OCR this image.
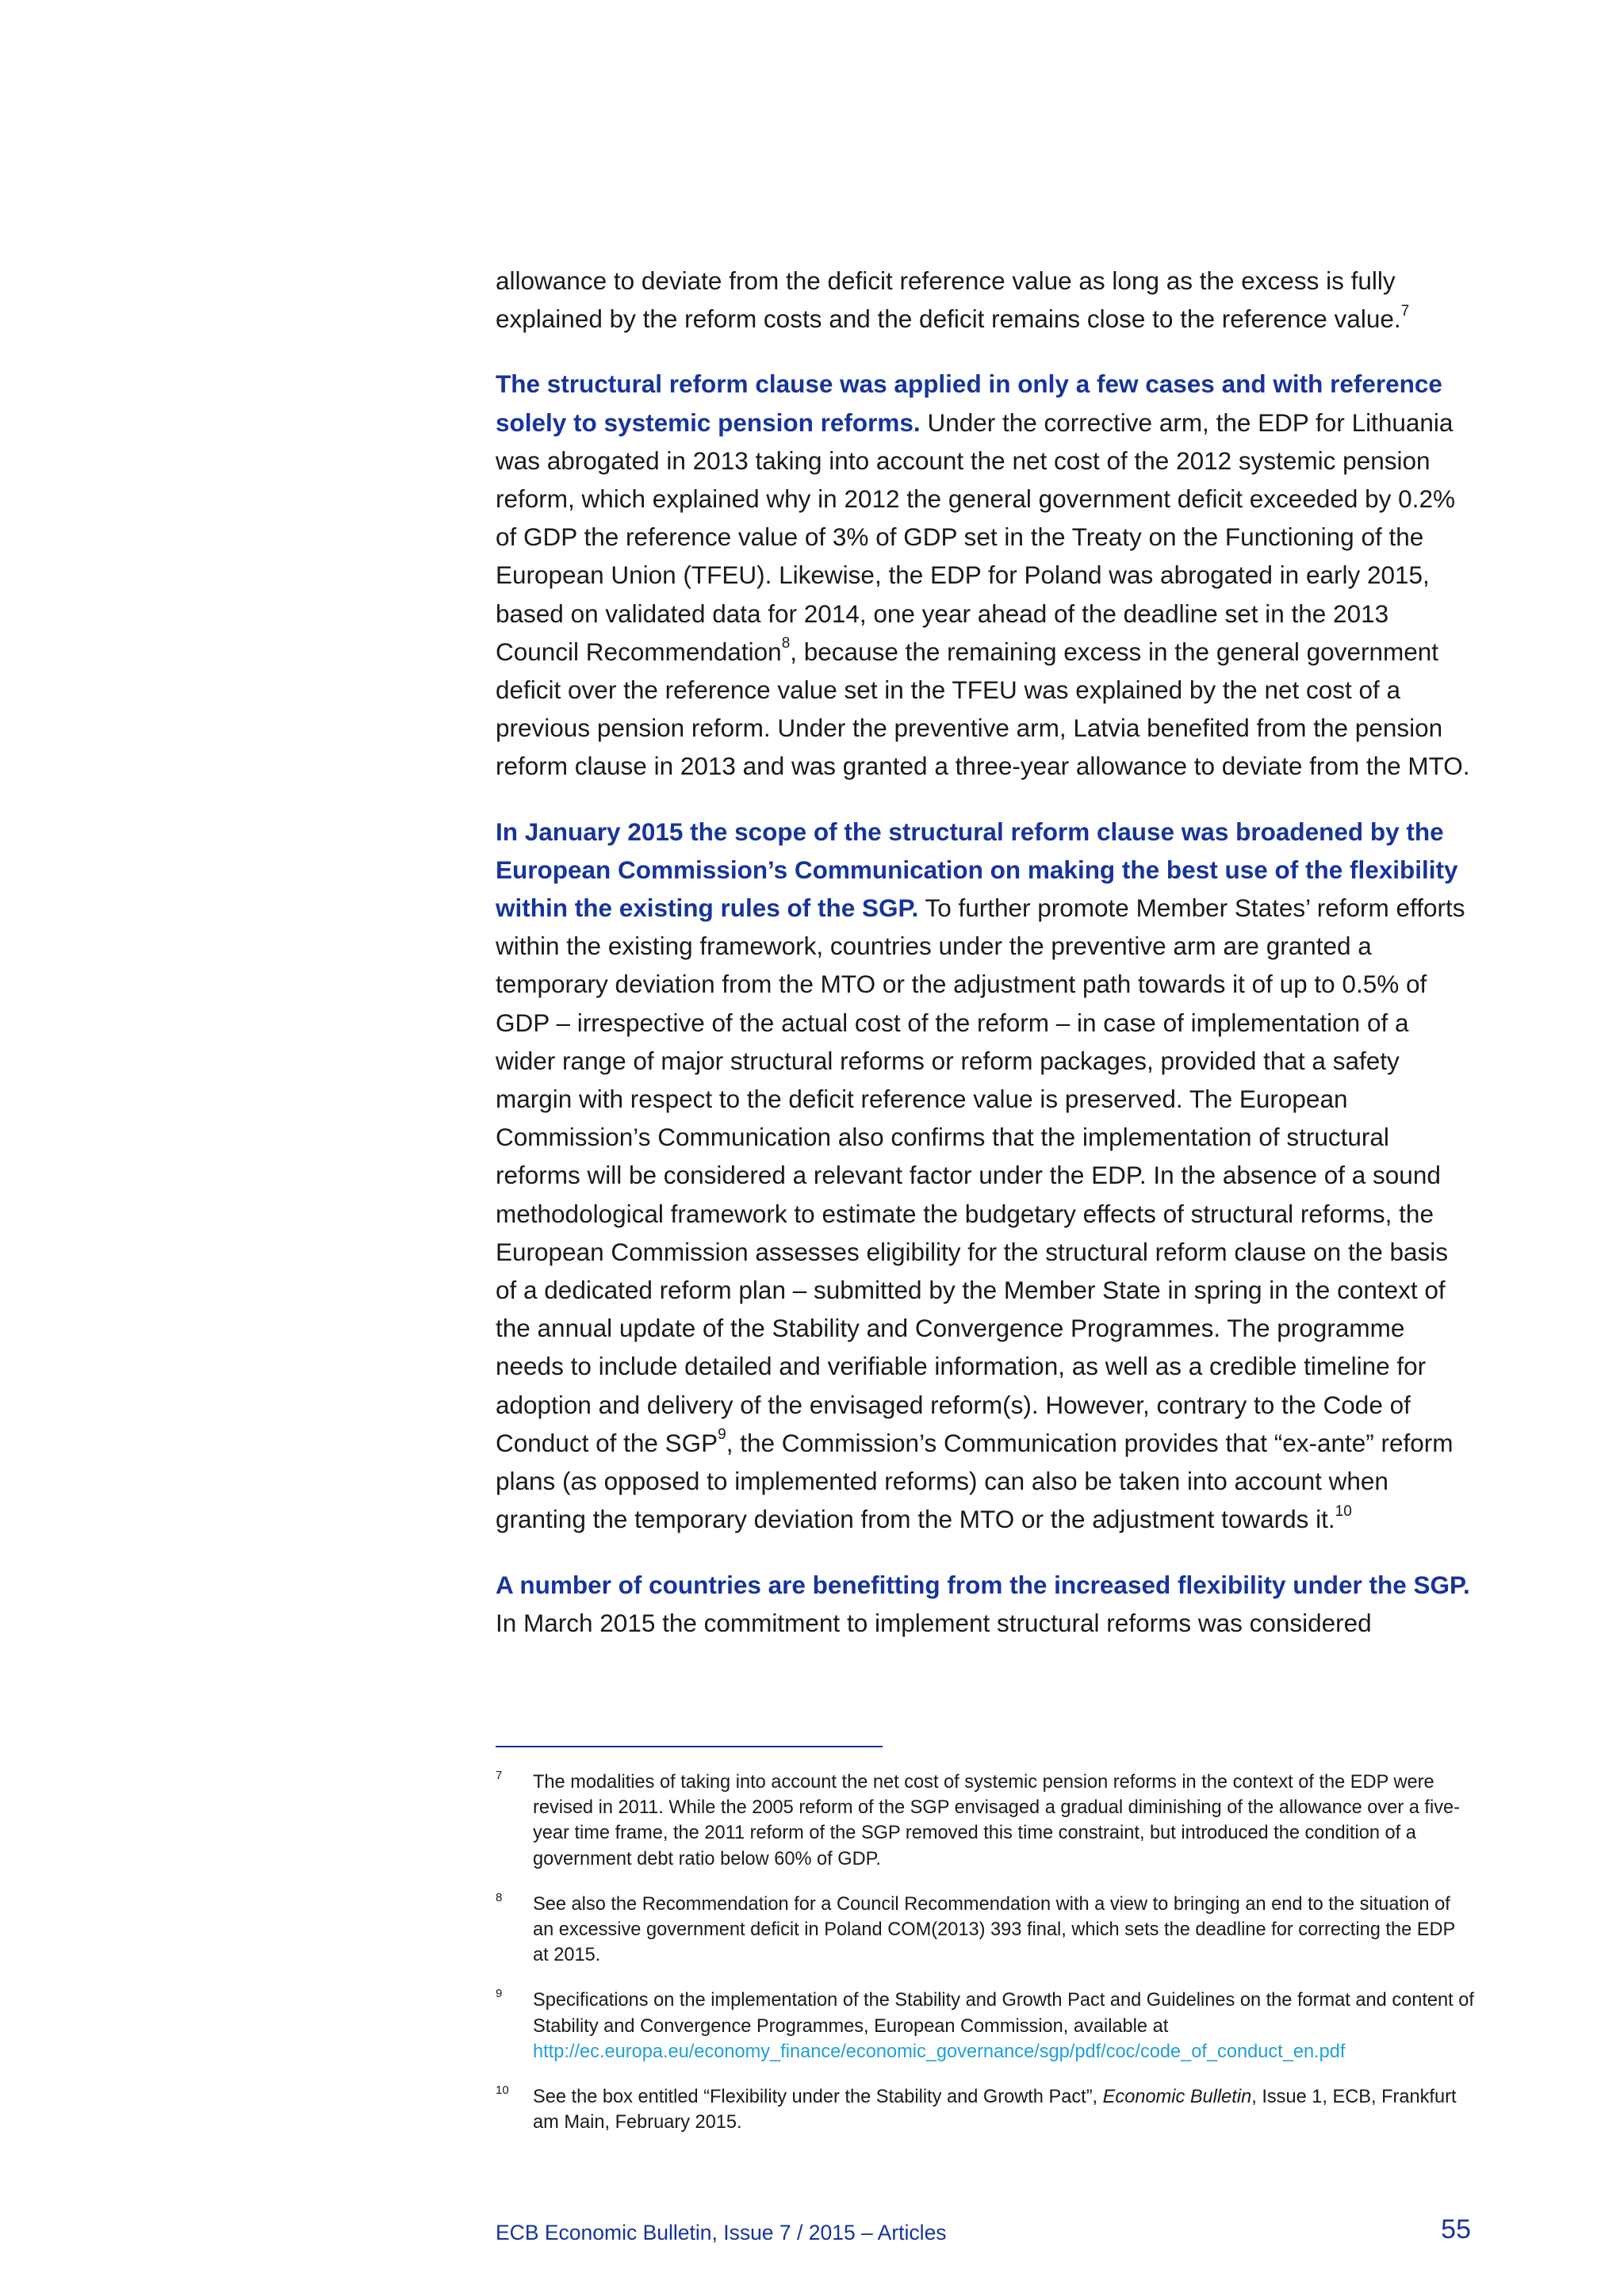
allowance to deviate from the deficit reference value as long as the excess is fully explained by the reform costs and the deficit remains close to the reference value.$^7$

The structural reform clause was applied in only a few cases and with reference solely to systemic pension reforms. Under the corrective arm, the EDP for Lithuania was abrogated in 2013 taking into account the net cost of the 2012 systemic pension reform, which explained why in 2012 the general government deficit exceeded by 0.2% of GDP the reference value of 3% of GDP set in the Treaty on the Functioning of the European Union (TFEU). Likewise, the EDP for Poland was abrogated in early 2015, based on validated data for 2014, one year ahead of the deadline set in the 2013 Council Recommendation$^8$, because the remaining excess in the general government deficit over the reference value set in the TFEU was explained by the net cost of a previous pension reform. Under the preventive arm, Latvia benefited from the pension reform clause in 2013 and was granted a three-year allowance to deviate from the MTO.

In January 2015 the scope of the structural reform clause was broadened by the European Commission’s Communication on making the best use of the flexibility within the existing rules of the SGP. To further promote Member States’ reform efforts within the existing framework, countries under the preventive arm are granted a temporary deviation from the MTO or the adjustment path towards it of up to 0.5% of GDP – irrespective of the actual cost of the reform – in case of implementation of a wider range of major structural reforms or reform packages, provided that a safety margin with respect to the deficit reference value is preserved. The European Commission’s Communication also confirms that the implementation of structural reforms will be considered a relevant factor under the EDP. In the absence of a sound methodological framework to estimate the budgetary effects of structural reforms, the European Commission assesses eligibility for the structural reform clause on the basis of a dedicated reform plan – submitted by the Member State in spring in the context of the annual update of the Stability and Convergence Programmes. The programme needs to include detailed and verifiable information, as well as a credible timeline for adoption and delivery of the envisaged reform(s). However, contrary to the Code of Conduct of the SGP$^9$, the Commission’s Communication provides that “ex-ante” reform plans (as opposed to implemented reforms) can also be taken into account when granting the temporary deviation from the MTO or the adjustment towards it.$^{10}$

A number of countries are benefitting from the increased flexibility under the SGP. In March 2015 the commitment to implement structural reforms was considered

7 The modalities of taking into account the net cost of systemic pension reforms in the context of the EDP were revised in 2011. While the 2005 reform of the SGP envisaged a gradual diminishing of the allowance over a five-year time frame, the 2011 reform of the SGP removed this time constraint, but introduced the condition of a government debt ratio below 60% of GDP.
8 See also the Recommendation for a Council Recommendation with a view to bringing an end to the situation of an excessive government deficit in Poland COM(2013) 393 final, which sets the deadline for correcting the EDP at 2015.
9 Specifications on the implementation of the Stability and Growth Pact and Guidelines on the format and content of Stability and Convergence Programmes, European Commission, available at http://ec.europa.eu/economy_finance/economic_governance/sgp/pdf/coc/code_of_conduct_en.pdf
10 See the box entitled “Flexibility under the Stability and Growth Pact”, Economic Bulletin, Issue 1, ECB, Frankfurt am Main, February 2015.
ECB Economic Bulletin, Issue 7 / 2015 – Articles	55
